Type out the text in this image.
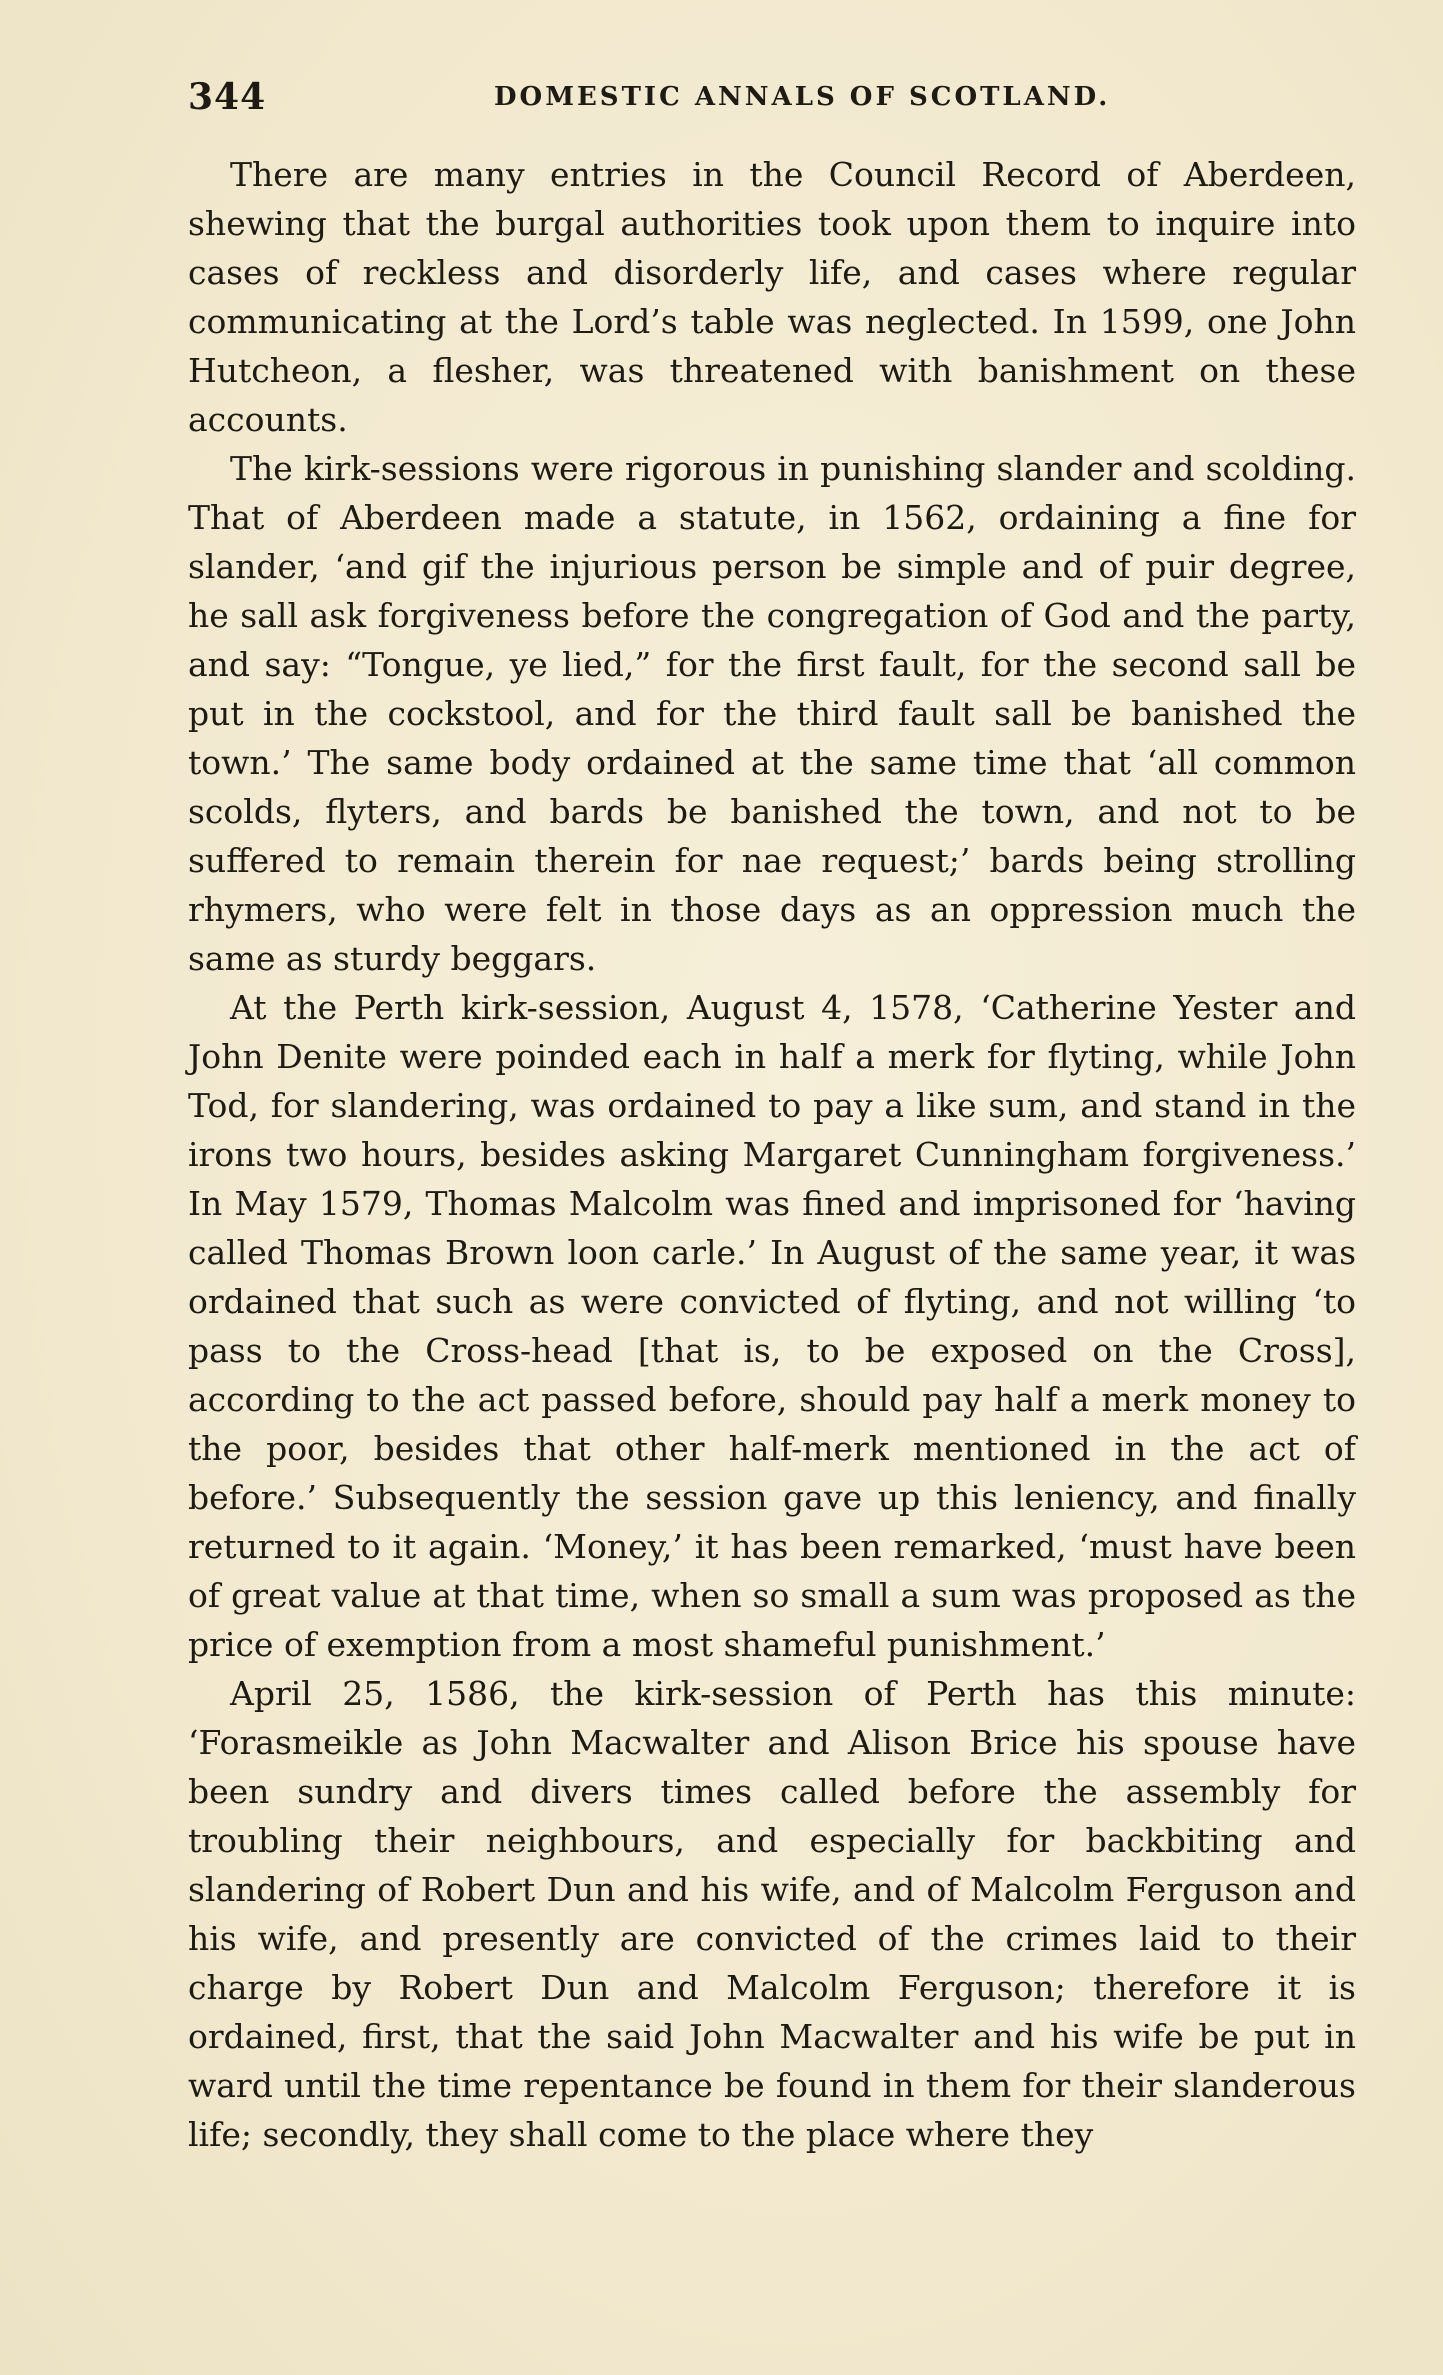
344	DOMESTIC ANNALS OF SCOTLAND.

There are many entries in the Council Record of Aberdeen, shewing that the burgal authorities took upon them to inquire into cases of reckless and disorderly life, and cases where regular communicating at the Lord’s table was neglected. In 1599, one John Hutcheon, a flesher, was threatened with banishment on these accounts.

The kirk-sessions were rigorous in punishing slander and scolding. That of Aberdeen made a statute, in 1562, ordaining a fine for slander, ‘and gif the injurious person be simple and of puir degree, he sall ask forgiveness before the congregation of God and the party, and say: “Tongue, ye lied,” for the first fault, for the second sall be put in the cockstool, and for the third fault sall be banished the town.’ The same body ordained at the same time that ‘all common scolds, flyters, and bards be banished the town, and not to be suffered to remain therein for nae request;’ bards being strolling rhymers, who were felt in those days as an oppression much the same as sturdy beggars.

At the Perth kirk-session, August 4, 1578, ‘Catherine Yester and John Denite were poinded each in half a merk for flyting, while John Tod, for slandering, was ordained to pay a like sum, and stand in the irons two hours, besides asking Margaret Cunningham forgiveness.’ In May 1579, Thomas Malcolm was fined and imprisoned for ‘having called Thomas Brown loon carle.’ In August of the same year, it was ordained that such as were convicted of flyting, and not willing ‘to pass to the Cross-head [that is, to be exposed on the Cross], according to the act passed before, should pay half a merk money to the poor, besides that other half-merk mentioned in the act of before.’ Subsequently the session gave up this leniency, and finally returned to it again. ‘Money,’ it has been remarked, ‘must have been of great value at that time, when so small a sum was proposed as the price of exemption from a most shameful punishment.’

April 25, 1586, the kirk-session of Perth has this minute: ‘Forasmeikle as John Macwalter and Alison Brice his spouse have been sundry and divers times called before the assembly for troubling their neighbours, and especially for backbiting and slandering of Robert Dun and his wife, and of Malcolm Ferguson and his wife, and presently are convicted of the crimes laid to their charge by Robert Dun and Malcolm Ferguson; therefore it is ordained, first, that the said John Macwalter and his wife be put in ward until the time repentance be found in them for their slanderous life; secondly, they shall come to the place where they
